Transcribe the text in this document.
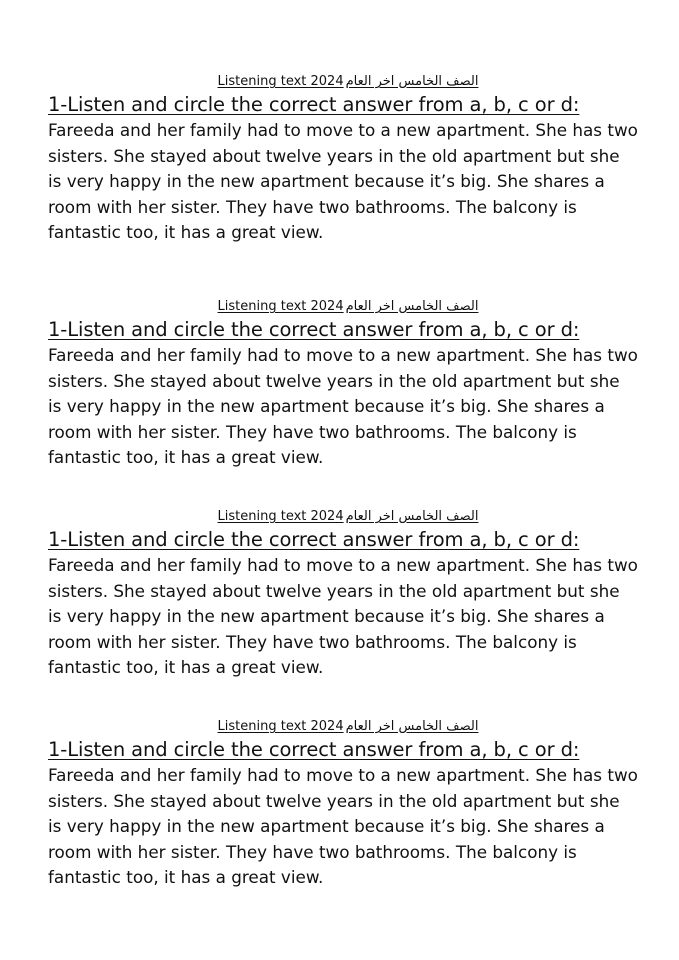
Listening text 2024 الصف الخامس اخر العام
1-Listen and circle the correct answer from a, b, c or d:
Fareeda and her family had to move to a new apartment. She has two
sisters. She stayed about twelve years in the old apartment but she
is very happy in the new apartment because it’s big. She shares a
room with her sister. They have two bathrooms. The balcony is
fantastic too, it has a great view.
Listening text 2024 الصف الخامس اخر العام
1-Listen and circle the correct answer from a, b, c or d:
Fareeda and her family had to move to a new apartment. She has two
sisters. She stayed about twelve years in the old apartment but she
is very happy in the new apartment because it’s big. She shares a
room with her sister. They have two bathrooms. The balcony is
fantastic too, it has a great view.
Listening text 2024 الصف الخامس اخر العام
1-Listen and circle the correct answer from a, b, c or d:
Fareeda and her family had to move to a new apartment. She has two
sisters. She stayed about twelve years in the old apartment but she
is very happy in the new apartment because it’s big. She shares a
room with her sister. They have two bathrooms. The balcony is
fantastic too, it has a great view.
Listening text 2024 الصف الخامس اخر العام
1-Listen and circle the correct answer from a, b, c or d:
Fareeda and her family had to move to a new apartment. She has two
sisters. She stayed about twelve years in the old apartment but she
is very happy in the new apartment because it’s big. She shares a
room with her sister. They have two bathrooms. The balcony is
fantastic too, it has a great view.
